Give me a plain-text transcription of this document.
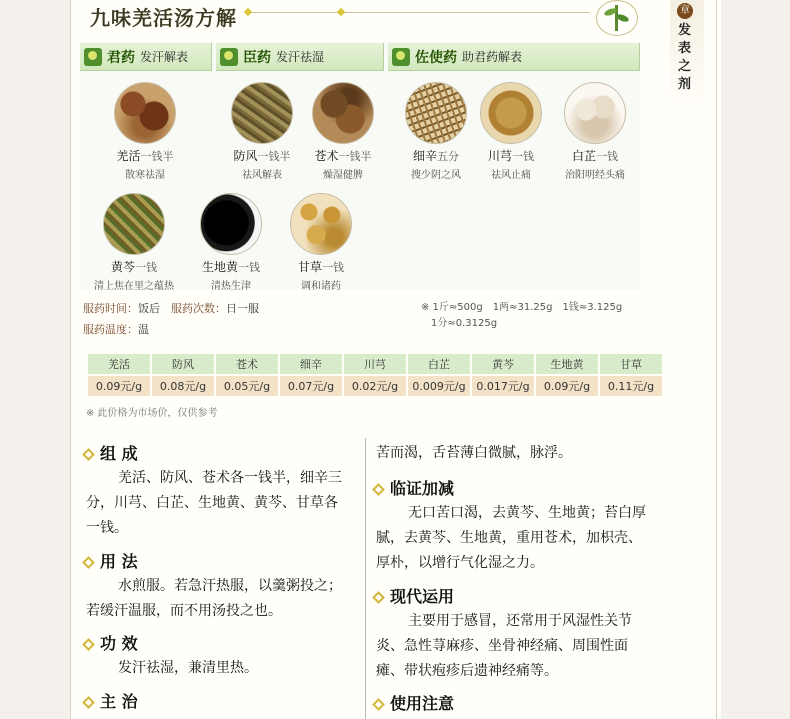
九味羌活汤方解	章
发表之剂
君药 发汗解表	臣药 发汗祛湿	佐使药 助君药解表
羌活一钱半
散寒祛湿
防风一钱半
祛风解表
苍术一钱半
燥湿健脾
细辛五分
搜少阴之风
川芎一钱
祛风止痛
白芷一钱
治阳明经头痛
黄芩一钱
清上焦在里之蕴热
生地黄一钱
清热生津
甘草一钱
调和诸药
服药时间：饭后　 服药次数：日一服
服药温度：温
※ 1斤≈500g　1两≈31.25g　1钱≈3.125g
1分≈0.3125g
羌活	防风	苍术	细辛	川芎	白芷	黄芩	生地黄	甘草
0.09元/g	0.08元/g	0.05元/g	0.07元/g	0.02元/g	0.009元/g	0.017元/g	0.09元/g	0.11元/g
※ 此价格为市场价，仅供参考
组 成
羌活、防风、苍术各一钱半，细辛三分，川芎、白芷、生地黄、黄芩、甘草各一钱。
用 法
水煎服。若急汗热服，以羹粥投之；若缓汗温服，而不用汤投之也。
功 效
发汗祛湿，兼清里热。
主 治
苦而渴，舌苔薄白微腻，脉浮。
临证加减
无口苦口渴，去黄芩、生地黄；苔白厚腻，去黄芩、生地黄，重用苍术，加枳壳、厚朴，以增行气化湿之力。
现代运用
主要用于感冒，还常用于风湿性关节炎、急性荨麻疹、坐骨神经痛、周围性面瘫、带状疱疹后遗神经痛等。
使用注意
